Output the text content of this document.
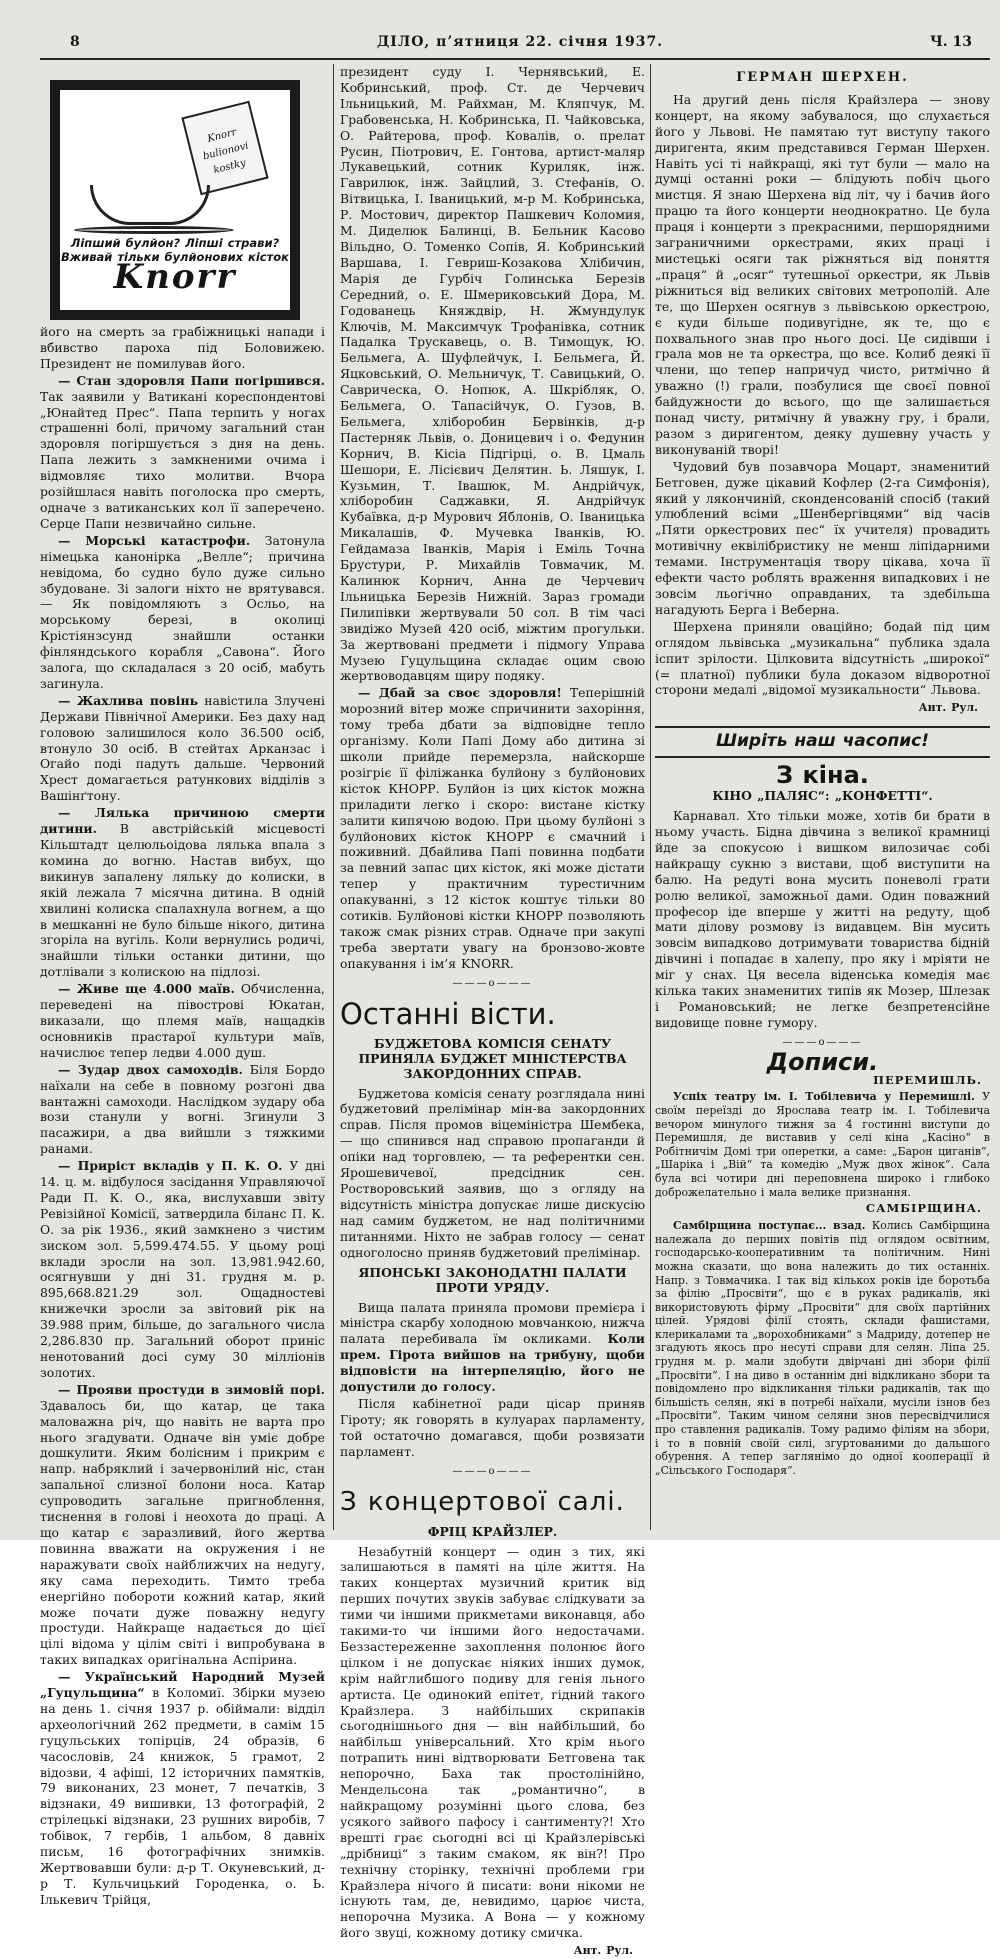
8	ДІЛО, п’ятниця 22. січня 1937.	Ч. 13
Knorr bulionovi kostky
Ліпший булйон? Ліпші страви?
Вживай тільки булйонових кісток
Knorr

його на смерть за грабіжницькі напади і вбивство пароха під Боловижею. Президент не помилував його.

— Стан здоровля Папи погіршився. Так заявили у Ватикані кореспондентові „Юнайтед Прес“. Папа терпить у ногах страшенні болі, причому загальний стан здоровля погіршується з дня на день. Папа лежить з замкненими очима і відмовляє тихо молитви. Вчора розійшлася навіть поголоска про смерть, одначе з ватиканських кол її заперечено. Серце Папи незвичайно сильне.

— Морські катастрофи. Затонула німецька канонірка „Велле“; причина невідома, бо судно було дуже сильно збудоване. Зі залоги ніхто не врятувався. — Як повідомляють з Осльо, на морському березі, в околиці Крістіянзсунд знайшли останки фінляндського корабля „Савона“. Його залога, що складалася з 20 осіб, мабуть загинула.

— Жахлива повінь навістила Злучені Держави Північної Америки. Без даху над головою залишилося коло 36.500 осіб, втонуло 30 осіб. В стейтах Арканзас і Огайо поді падуть дальше. Червоний Хрест домагається ратункових відділів з Вашінґтону.

— Лялька причиною смерти дитини. В австрійській місцевості Кільштадт целюльоідова лялька впала з комина до вогню. Настав вибух, що викинув запалену ляльку до колиски, в якій лежала 7 місячна дитина. В одній хвилині колиска спалахнула вогнем, а що в мешканні не було більше нікого, дитина згоріла на вугіль. Коли вернулись родичі, знайшли тільки останки дитини, що дотлівали з колискою на підлозі.

— Живе ще 4.000 маїв. Обчисленна, переведені на півострові Юкатан, виказали, що племя маїв, нащадків основників прастарої культури маїв, начислює тепер ледви 4.000 душ.

— Зудар двох самоходів. Біля Бордо наїхали на себе в повному розгоні два вантажні самоходи. Наслідком зудару оба вози станули у вогні. Згинули 3 пасажири, а два вийшли з тяжкими ранами.

— Приріст вкладів у П. К. О. У дні 14. ц. м. відбулося засідання Управляючої Ради П. К. О., яка, вислухавши звіту Ревізійної Комісії, затвердила біланс П. К. О. за рік 1936., який замкнено з чистим зиском зол. 5,599.474.55. У цьому році вклади зросли на зол. 13,981.942.60, осягнувши у дні 31. грудня м. р. 895,668.821.29 зол. Ощадностеві книжечки зросли за звітовий рік на 39.988 прим, більше, до загального числа 2,286.830 пр. Загальний оборот приніс ненотований досі суму 30 мілліонів золотих.

— Прояви простуди в зимовій порі. Здавалось би, що катар, це така маловажна річ, що навіть не варта про нього згадувати. Одначе він уміє добре дошкулити. Яким болісним і прикрим є напр. набряклий і зачервонілий ніс, стан запальної слизної болони носа. Катар супроводить загальне пригноблення, тиснення в голові і неохота до праці. А що катар є заразливий, його жертва повинна вважати на окружения і не наражувати своїх найближчих на недугу, яку сама переходить. Тимто треба енергійно побороти кожний катар, який може почати дуже поважну недугу простуди. Найкраще надається до цієї цілі відома у цілім світі і випробувана в таких випадках оригінальна Аспірина.

— Український Народний Музей „Гуцульщина“ в Коломиї. Збірки музею на день 1. січня 1937 р. обіймали: відділ археологічний 262 предмети, в самім 15 гуцульських топірців, 24 образів, 6 часословів, 24 книжок, 5 грамот, 2 відозви, 4 афіші, 12 історичних памятків, 79 виконаних, 23 монет, 7 печатків, 3 відзнаки, 49 вишивки, 13 фотографій, 2 стрілецькі відзнаки, 23 рушних виробів, 7 тобівок, 7 гербів, 1 альбом, 8 давніх письм, 16 фотографічних знимків. Жертвовавши були: д-р Т. Окуневський, д-р Т. Кульчицький Городенка, о. Ь. Ількевич Трійця,

президент суду І. Чернявський, Е. Кобринський, проф. Ст. де Черчевич Ільницький, М. Райхман, М. Кляпчук, М. Грабовенська, Н. Кобринська, П. Чайковська, О. Райтерова, проф. Ковалів, о. прелат Русин, Піотрович, Е. Гонтова, артист-маляр Лукавецький, сотник Куриляк, інж. Гаврилюк, інж. Зайцлий, З. Стефанів, О. Вітвицька, І. Іваницький, м-р М. Кобринська, Р. Мостович, директор Пашкевич Коломия, М. Диделюк Балинці, В. Бельник Касово Вільдно, О. Томенко Сопів, Я. Кобринський Варшава, І. Гевриш-Козакова Хлібичин, Марія де Гурбіч Голинська Березів Середний, о. Е. Шмериковський Дора, М. Годованець Княждвір, Н. Жмундулук Ключів, М. Максимчук Трофанівка, сотник Падалка Трускавець, о. В. Тимощук, Ю. Бельмега, А. Шуфлейчук, І. Бельмега, Й. Яцковський, О. Мельничук, Т. Савицький, О. Саврическа, О. Нопюк, А. Шкрібляк, О. Бельмега, О. Тапасійчук, О. Гузов, В. Бельмега, хліборобин Бервінків, д-р Пастерняк Львів, о. Доницевич і о. Федунин Корнич, В. Кісіа Підгірці, о. В. Цмаль Шешори, Е. Лісієвич Делятин. Ь. Ляшук, І. Кузьмин, Т. Івашюк, М. Андрійчук, хліборобин Саджавки, Я. Андрійчук Кубаївка, д-р Мурович Яблонів, О. Іваницька Микалашів, Ф. Мучевка Іванків, Ю. Гейдамаза Іванків, Марія і Еміль Точна Брустури, Р. Михайлів Товмачик, М. Калинюк Корнич, Анна де Черчевич Ільницька Березів Нижній. Зараз громади Пилипівки жертвували 50 сол. В тім часі звидіжо Музей 420 осіб, міжтим прогульки. За жертвовані предмети і підмогу Управа Музею Гуцульщина складає оцим свою жертвоводавцям щиру подяку.

— Дбай за своє здоровля! Теперішній морозний вітер може спричинити захоріння, тому треба дбати за відповідне тепло організму. Коли Папі Дому або дитина зі школи прийде перемерзла, найскорше розігріє її філіжанка булйону з булйонових кісток КНОРР. Булйон із цих кісток можна приладити легко і скоро: вистане кістку залити кипячою водою. При цьому булйоні з булйонових кісток КНОРР є смачний і поживний. Дбайлива Папі повинна подбати за певний запас цих кісток, які може дістати тепер у практичним турестичним опакуванні, з 12 кісток коштує тільки 80 сотиків. Булйонові кістки КНОРР позволяють також смак різних страв. Одначе при закупі треба звертати увагу на бронзово-жовте опакування і ім’я KNORR.

———o———
Останні вісти.
БУДЖЕТОВА КОМІСІЯ СЕНАТУ ПРИНЯЛА БУДЖЕТ МІНІСТЕРСТВА ЗАКОРДОННИХ СПРАВ.

Буджетова комісія сенату розглядала нині буджетовий прелімінар мін-ва закордонних справ. Після промов віцеміністра Шембека, — що спинився над справою пропаганди й опіки над торговлею, — та референтки сен. Ярошевичевої, предсідник сен. Ростворовський заявив, що з огляду на відсутність міністра допускає лише дискусію над самим буджетом, не над політичними питаннями. Ніхто не забрав голосу — сенат одноголосно приняв буджетовий прелімінар.

ЯПОНСЬКІ ЗАКОНОДАТНІ ПАЛАТИ ПРОТИ УРЯДУ.

Вища палата приняла промови премієра і міністра скарбу холодною мовчанкою, нижча палата перебивала їм окликами. Коли прем. Гірота вийшов на трибуну, щоби відповісти на інтерпеляцію, його не допустили до голосу.

Після кабінетної ради цісар приняв Гіроту; як говорять в кулуарах парламенту, той остаточно домагався, щоби розвязати парламент.

———o———
З концертової салі.
ФРІЦ КРАЙЗЛЕР.

Незабутній концерт — один з тих, які залишаються в памяті на ціле життя. На таких концертах музичний критик від перших почутих звуків забуває слідкувати за тими чи іншими прикметами виконавця, або такими-то чи іншими його недостачами. Беззастереженне захоплення полонює його цілком і не допускає ніяких інших думок, крім найглибшого подиву для генія льного артиста. Це одинокий епітет, гідний такого Крайзлера. З найбільших скрипаків сьогоднішнього дня — він найбільший, бо найбільш універсальний. Хто крім нього потрапить нині відтворювати Бетговена так непорочно, Баха так простолінійно, Мендельсона так „романтично“, в найкращому розумінні цього слова, без усякого зайвого пафосу і сантименту?! Хто врешті грає сьогодні всі ці Крайзлерівські „дрібниці“ з таким смаком, як він?! Про технічну сторінку, технічні проблеми гри Крайзлера нічого й писати: вони нікоми не існують там, де, невидимо, царює чиста, непорочна Музика. А Вона — у кожному його звуці, кожному дотику смичка.

Ант. Рул.
ГЕРМАН ШЕРХЕН.

На другий день після Крайзлера — знову концерт, на якому забувалося, що слухається його у Львові. Не памятаю тут виступу такого диригента, яким представився Герман Шерхен. Навіть усі ті найкращі, які тут були — мало на думці останні роки — блідують побіч цього мистця. Я знаю Шерхена від літ, чу і бачив його працю та його концерти неоднократно. Це була праця і концерти з прекрасними, першорядними заграничними оркестрами, яких праці і мистецькі осяги так ріжняться від поняття „праця“ й „осяг“ тутешньої оркестри, як Львів ріжниться від великих світових метрополій. Але те, що Шерхен осягнув з львівською оркестрою, є куди більше подивугідне, як те, що є похвального знав про нього досі. Це сидівши і грала мов не та оркестра, що все. Колиб деякі її члени, що тепер напричуд чисто, ритмічно й уважно (!) грали, позбулися ще своєї повної байдужности до всього, що ще залишається понад чисту, ритмічну й уважну гру, і брали, разом з диригентом, деяку душевну участь у виконуваній творі!

Чудовий був позавчора Моцарт, знаменитий Бетговен, дуже цікавий Кофлер (2-га Симфонія), який у лякончиній, сконденсованій спосіб (такий улюблений всіми „Шенбергівцями“ від часів „Пяти оркестрових пес“ їх учителя) провадить мотивічну еквілібристику не менш ліпідарними темами. Інструментація твору цікава, хоча її ефекти часто роблять враження випадкових і не зовсім льогічно оправданих, та здебільша нагадують Берга і Веберна.

Шерхена приняли оваційно; бодай під цим оглядом львівська „музикальна“ публика здала іспит зрілости. Цілковита відсутність „широкої“ (= платної) публики була доказом відворотної сторони медалі „відомої музикальности“ Львова.

Ант. Рул.
Ширіть наш часопис!
З кіна.
КІНО „ПАЛЯС“: „КОНФЕТТІ“.

Карнавал. Хто тільки може, хотів би брати в ньому участь. Бідна дівчина з великої крамниці йде за спокусою і вишком вилозичає собі найкращу сукню з вистави, щоб виступити на балю. На редуті вона мусить поневолі грати ролю великої, заможньої дами. Один поважний професор іде вперше у житті на редуту, щоб мати ділову розмову із видавцем. Він мусить зовсім випадково дотримувати товариства бідній дівчині і попадає в халепу, про яку і мріяти не міг у снах. Ця весела віденська комедія має кілька таких знаменитих типів як Мозер, Шлезак і Романовський; не легке безпретенсійне видовище повне гумору.

———o———
Дописи.
ПЕРЕМИШЛЬ.

Успіх театру ім. І. Тобілевича у Перемишлі. У своїм переїзді до Ярослава театр ім. І. Тобілевича вечором минулого тижня за 4 гостинні виступи до Перемишля, де виставив у селі кіна „Касіно“ в Робітничім Домі три оперетки, а саме: „Барон циганів“, „Шаріка і „Вій“ та комедію „Муж двох жінок“. Сала була всі чотири дні переповнена широко і глибоко доброжелательно і мала велике признання.

САМБІРЩИНА.

Самбірщина поступає... взад. Колись Самбірщина належала до перших повітів під оглядом освітним, господарсько-кооперативним та політичним. Нині можна сказати, що вона належить до тих останніх. Напр. з Товмачика. І так від кількох років іде боротьба за філію „Просвіти“, що є в руках радикалів, які використовують фірму „Просвіти“ для своїх партійних цілей. Урядові філії стоять, склади фашистами, клерикалами та „ворохобниками“ з Мадриду, дотепер не згадують якось про несуті справи для селян. Ліпа 25. грудня м. р. мали здобути двірчані дні збори філії „Просвіти“. І на диво в останнім дні відкликано збори та повідомлено про відкликання тільки радикалів, так що більшість селян, які в потребі наїхали, мусіли ізнов без „Просвіти“. Таким чином селяни знов пересвідчилися про ставлення радикалів. Тому радимо філіям на збори, і то в повній своїй силі, згуртованими до дальшого обурення. А тепер заглянімо до одної кооперації й „Сільського Господаря“.
